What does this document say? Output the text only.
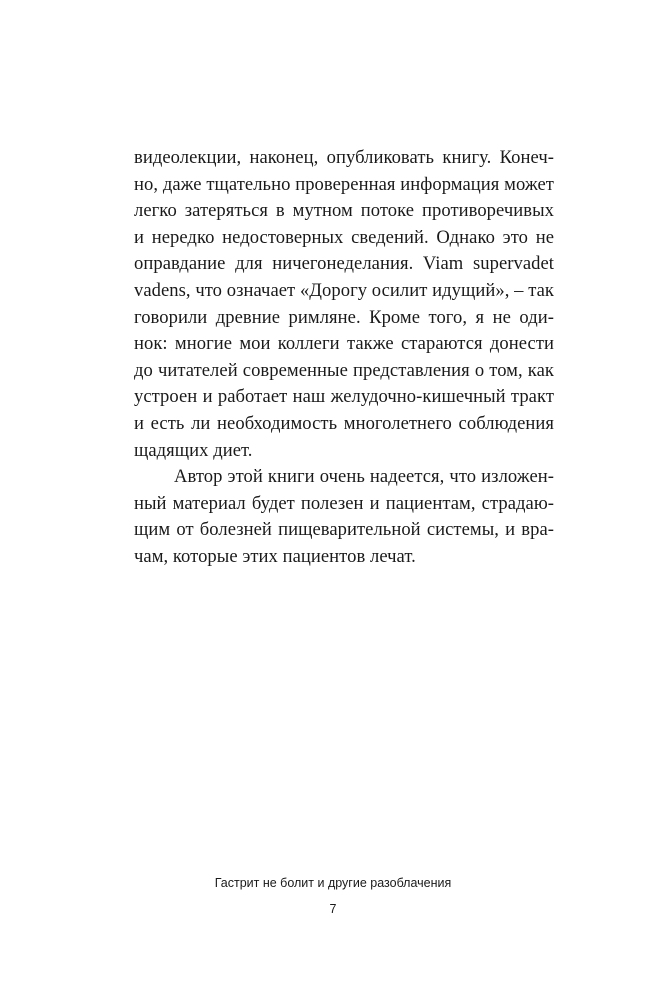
видеолекции, наконец, опубликовать книгу. Конеч-
но, даже тщательно проверенная информация может
легко затеряться в мутном потоке противоречивых
и нередко недостоверных сведений. Однако это не
оправдание для ничегонеделания. Viam supervadet
vadens, что означает «Дорогу осилит идущий», – так
говорили древние римляне. Кроме того, я не оди-
нок: многие мои коллеги также стараются донести
до читателей современные представления о том, как
устроен и работает наш желудочно-кишечный тракт
и есть ли необходимость многолетнего соблюдения
щадящих диет.
Автор этой книги очень надеется, что изложен-
ный материал будет полезен и пациентам, страдаю-
щим от болезней пищеварительной системы, и вра-
чам, которые этих пациентов лечат.
Гастрит не болит и другие разоблачения
7
